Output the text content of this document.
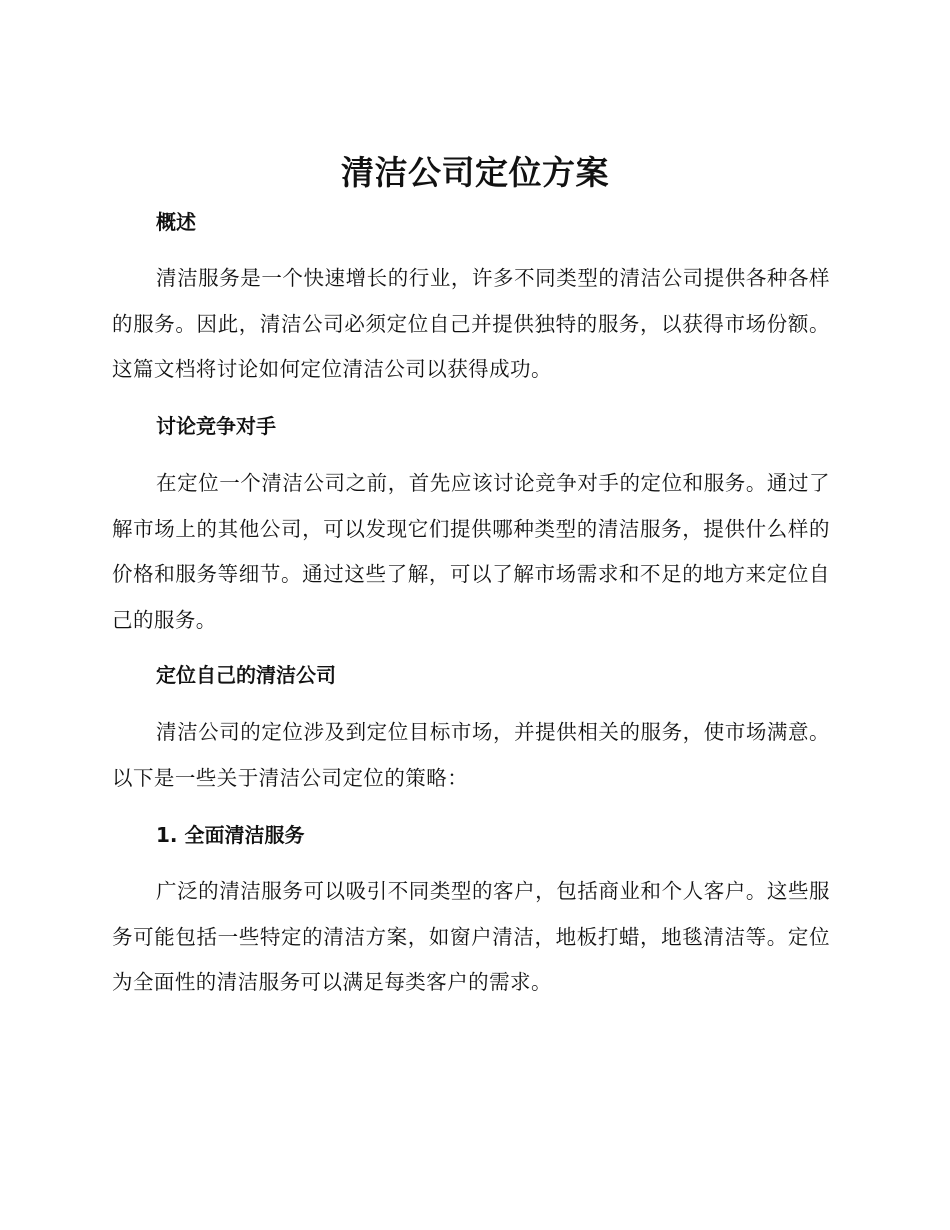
清洁公司定位方案
概述
清洁服务是一个快速增长的行业，许多不同类型的清洁公司提供各种各样的服务。因此，清洁公司必须定位自己并提供独特的服务，以获得市场份额。这篇文档将讨论如何定位清洁公司以获得成功。
讨论竞争对手
在定位一个清洁公司之前，首先应该讨论竞争对手的定位和服务。通过了解市场上的其他公司，可以发现它们提供哪种类型的清洁服务，提供什么样的价格和服务等细节。通过这些了解，可以了解市场需求和不足的地方来定位自己的服务。
定位自己的清洁公司
清洁公司的定位涉及到定位目标市场，并提供相关的服务，使市场满意。以下是一些关于清洁公司定位的策略：
1. 全面清洁服务
广泛的清洁服务可以吸引不同类型的客户，包括商业和个人客户。这些服务可能包括一些特定的清洁方案，如窗户清洁，地板打蜡，地毯清洁等。定位为全面性的清洁服务可以满足每类客户的需求。
